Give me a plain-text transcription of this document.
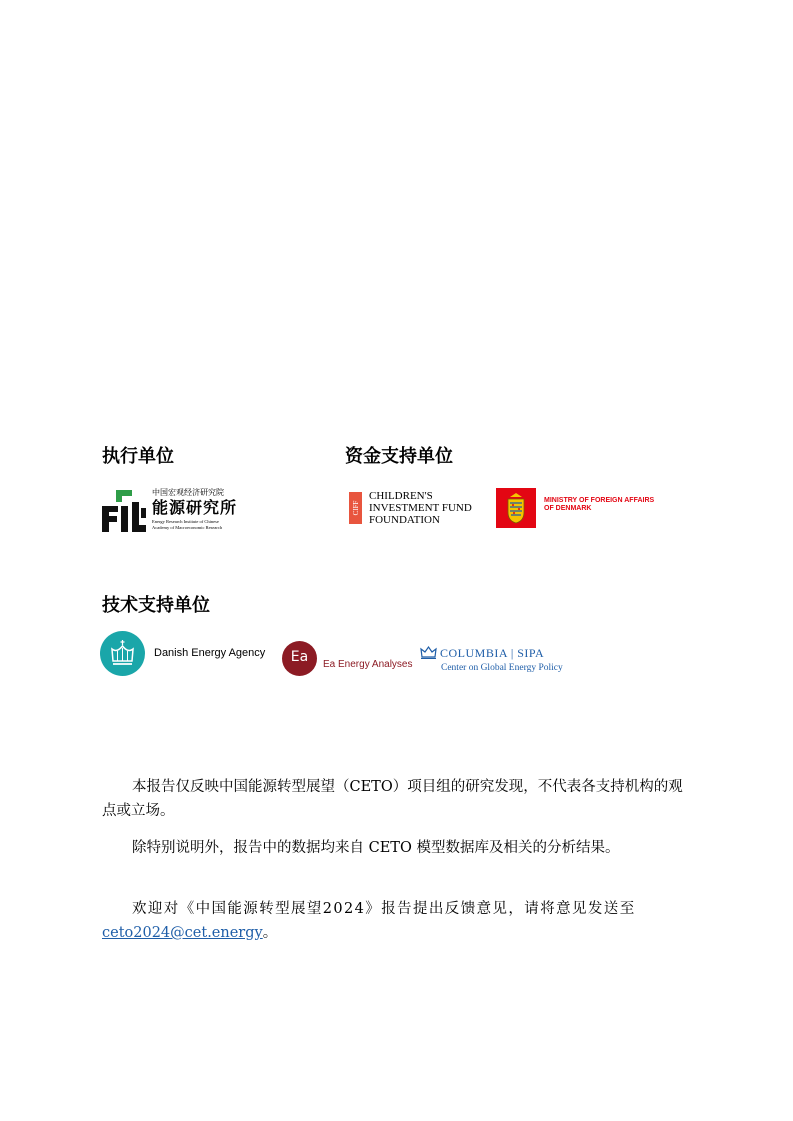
执行单位	资金支持单位
技术支持单位
中国宏观经济研究院
能源研究所
Energy Research Institute of Chinese
Academy of Macroeconomic Research
CIFF
CHILDREN'S
INVESTMENT FUND
FOUNDATION
MINISTRY OF FOREIGN AFFAIRS
OF DENMARK
Danish Energy Agency	Ea	Ea Energy Analyses
COLUMBIA | SIPA
Center on Global Energy Policy
本报告仅反映中国能源转型展望（CETO）项目组的研究发现，不代表各支持机构的观点或立场。
除特别说明外，报告中的数据均来自 CETO 模型数据库及相关的分析结果。
欢迎对《中国能源转型展望2024》报告提出反馈意见，请将意见发送至
ceto2024@cet.energy。
